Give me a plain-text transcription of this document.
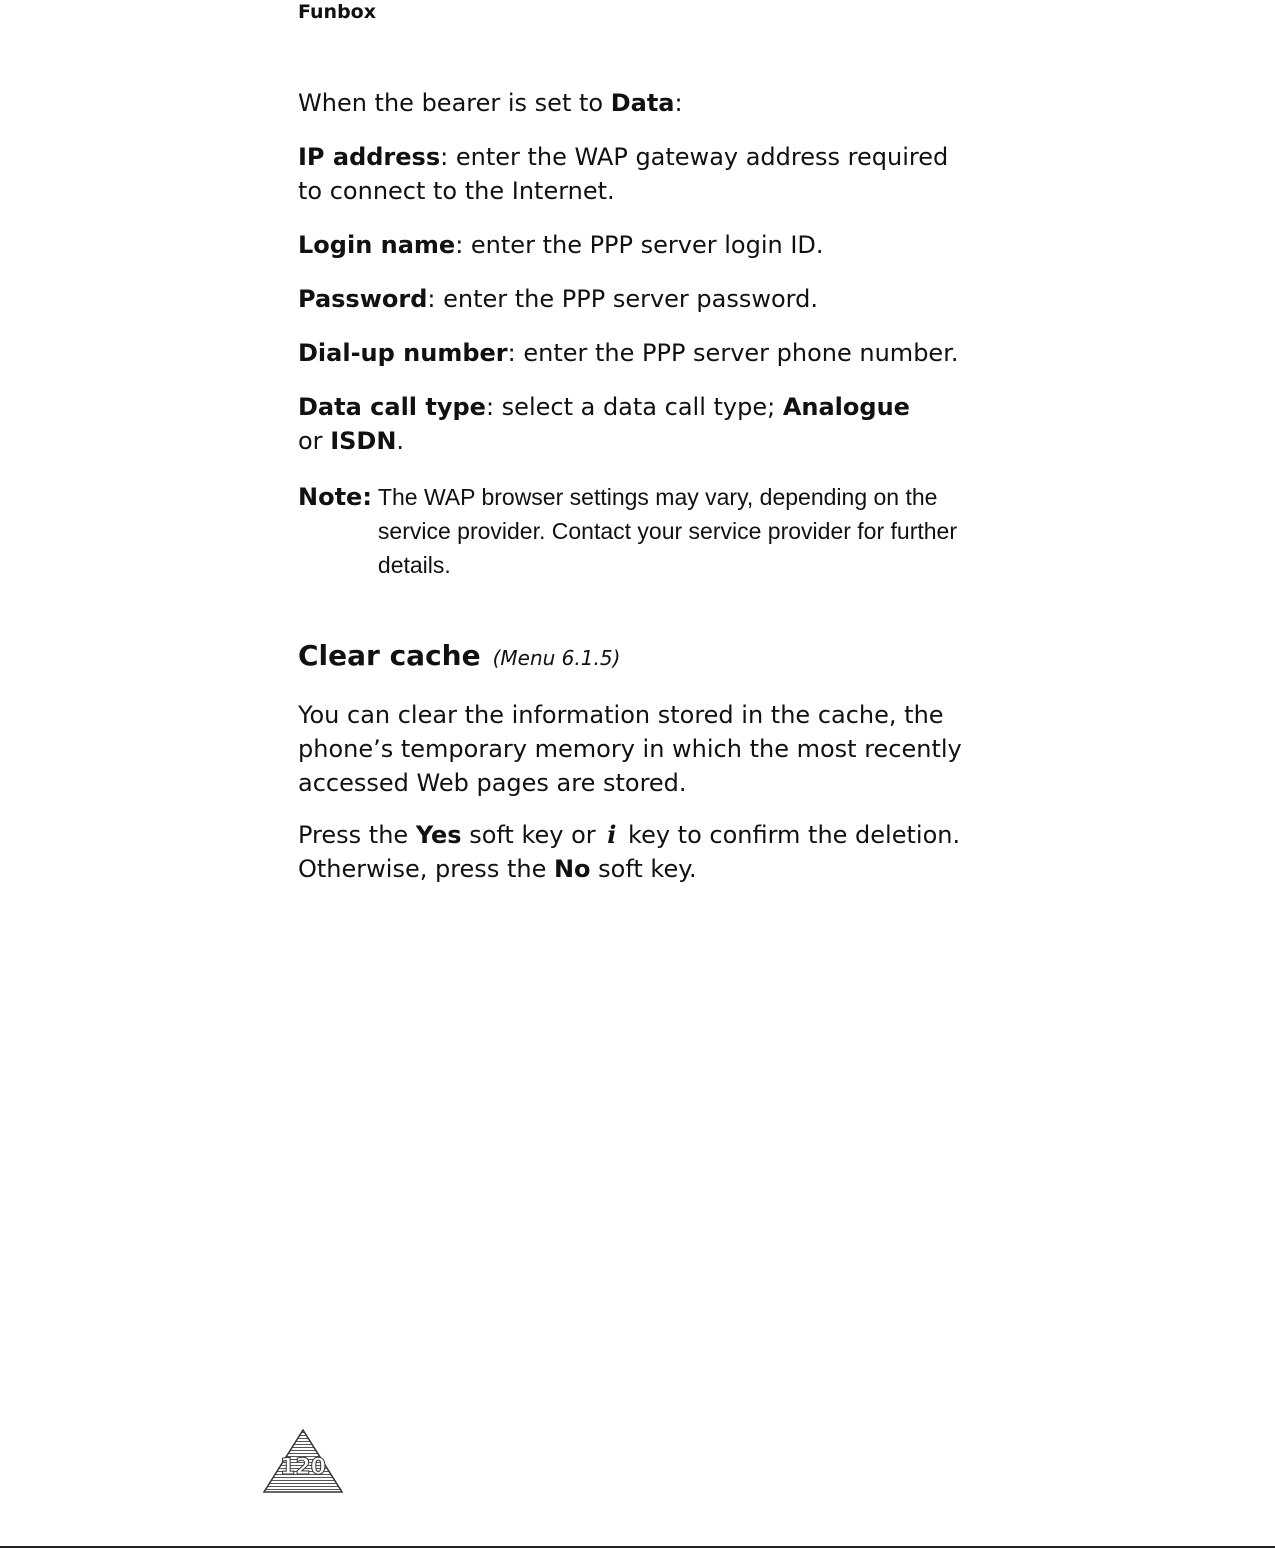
Funbox

When the bearer is set to Data:

IP address: enter the WAP gateway address required to connect to the Internet.

Login name: enter the PPP server login ID.

Password: enter the PPP server password.

Dial-up number: enter the PPP server phone number.

Data call type: select a data call type; Analogue
or ISDN.

Note: The WAP browser settings may vary, depending on the service provider. Contact your service provider for further details.
Clear cache (Menu 6.1.5)

You can clear the information stored in the cache, the phone’s temporary memory in which the most recently accessed Web pages are stored.

Press the Yes soft key or i key to confirm the deletion. Otherwise, press the No soft key.

120
